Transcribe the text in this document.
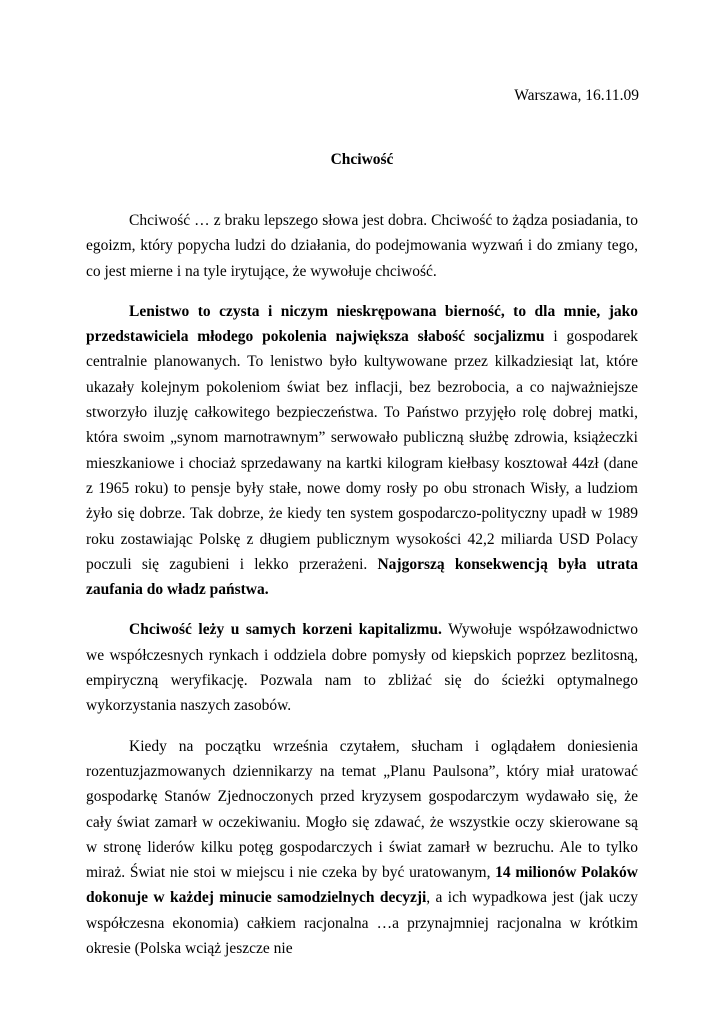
Warszawa, 16.11.09
Chciwość

Chciwość … z braku lepszego słowa jest dobra. Chciwość to żądza posiadania, to egoizm, który popycha ludzi do działania, do podejmowania wyzwań i do zmiany tego, co jest mierne i na tyle irytujące, że wywołuje chciwość.

Lenistwo to czysta i niczym nieskrępowana bierność, to dla mnie, jako przedstawiciela młodego pokolenia największa słabość socjalizmu i gospodarek centralnie planowanych. To lenistwo było kultywowane przez kilkadziesiąt lat, które ukazały kolejnym pokoleniom świat bez inflacji, bez bezrobocia, a co najważniejsze stworzyło iluzję całkowitego bezpieczeństwa. To Państwo przyjęło rolę dobrej matki, która swoim „synom marnotrawnym” serwowało publiczną służbę zdrowia, książeczki mieszkaniowe i chociaż sprzedawany na kartki kilogram kiełbasy kosztował 44zł (dane z 1965 roku) to pensje były stałe, nowe domy rosły po obu stronach Wisły, a ludziom żyło się dobrze. Tak dobrze, że kiedy ten system gospodarczo-polityczny upadł w 1989 roku zostawiając Polskę z długiem publicznym wysokości 42,2 miliarda USD Polacy poczuli się zagubieni i lekko przerażeni. Najgorszą konsekwencją była utrata zaufania do władz państwa.

Chciwość leży u samych korzeni kapitalizmu. Wywołuje współzawodnictwo we współczesnych rynkach i oddziela dobre pomysły od kiepskich poprzez bezlitosną, empiryczną weryfikację. Pozwala nam to zbliżać się do ścieżki optymalnego wykorzystania naszych zasobów.

Kiedy na początku września czytałem, słucham i oglądałem doniesienia rozentuzjazmowanych dziennikarzy na temat „Planu Paulsona”, który miał uratować gospodarkę Stanów Zjednoczonych przed kryzysem gospodarczym wydawało się, że cały świat zamarł w oczekiwaniu. Mogło się zdawać, że wszystkie oczy skierowane są w stronę liderów kilku potęg gospodarczych i świat zamarł w bezruchu. Ale to tylko miraż. Świat nie stoi w miejscu i nie czeka by być uratowanym, 14 milionów Polaków dokonuje w każdej minucie samodzielnych decyzji, a ich wypadkowa jest (jak uczy współczesna ekonomia) całkiem racjonalna …a przynajmniej racjonalna w krótkim okresie (Polska wciąż jeszcze nie
